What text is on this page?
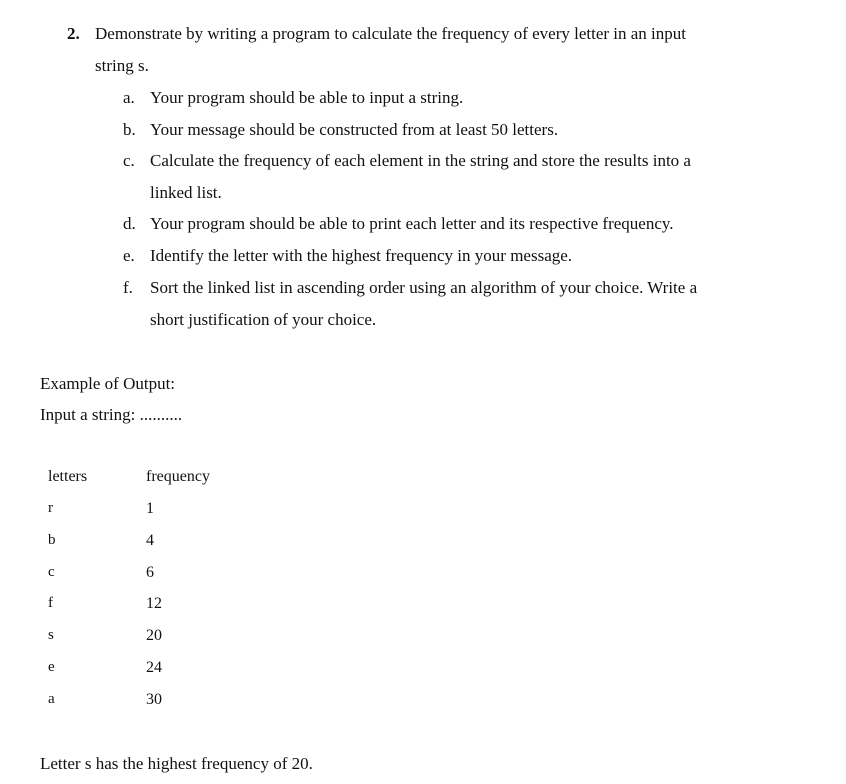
2. Demonstrate by writing a program to calculate the frequency of every letter in an input
string s.
a. Your program should be able to input a string.
b. Your message should be constructed from at least 50 letters.
c. Calculate the frequency of each element in the string and store the results into a
linked list.
d. Your program should be able to print each letter and its respective frequency.
e. Identify the letter with the highest frequency in your message.
f.	Sort the linked list in ascending order using an algorithm of your choice. Write a
short justification of your choice.
Example of Output:
Input a string: ..........
letters	frequency
r	1
b	4
c	6
f	12
s	20
e	24
a	30
Letter s has the highest frequency of 20.
